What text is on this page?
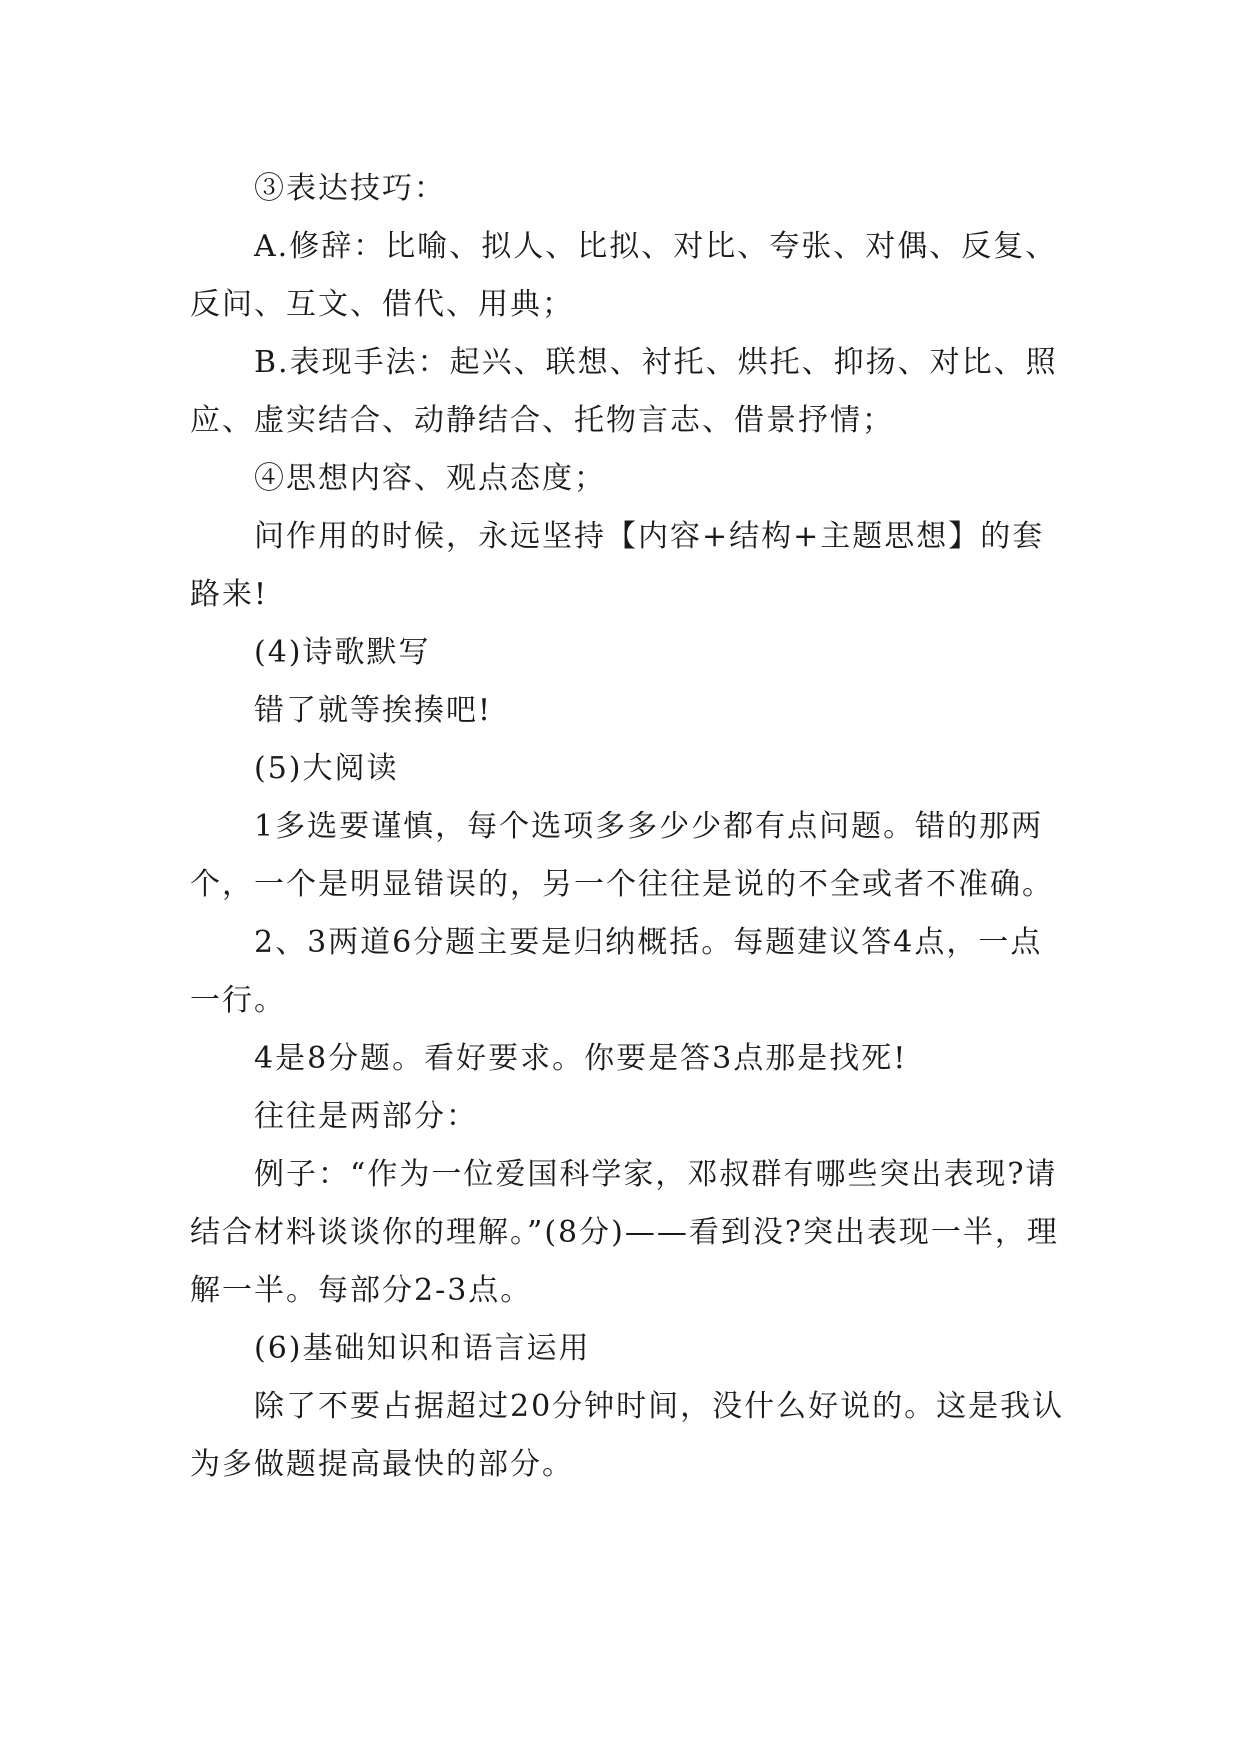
③表达技巧：

A.修辞：比喻、拟人、比拟、对比、夸张、对偶、反复、反问、互文、借代、用典；

B.表现手法：起兴、联想、衬托、烘托、抑扬、对比、照应、虚实结合、动静结合、托物言志、借景抒情；

④思想内容、观点态度；

问作用的时候，永远坚持【内容+结构+主题思想】的套路来!

(4)诗歌默写

错了就等挨揍吧!

(5)大阅读

1多选要谨慎，每个选项多多少少都有点问题。错的那两个，一个是明显错误的，另一个往往是说的不全或者不准确。

2、3两道6分题主要是归纳概括。每题建议答4点，一点一行。

4是8分题。看好要求。你要是答3点那是找死!

往往是两部分：

例子：“作为一位爱国科学家，邓叔群有哪些突出表现?请结合材料谈谈你的理解。”(8分)——看到没?突出表现一半，理解一半。每部分2-3点。

(6)基础知识和语言运用

除了不要占据超过20分钟时间，没什么好说的。这是我认为多做题提高最快的部分。
